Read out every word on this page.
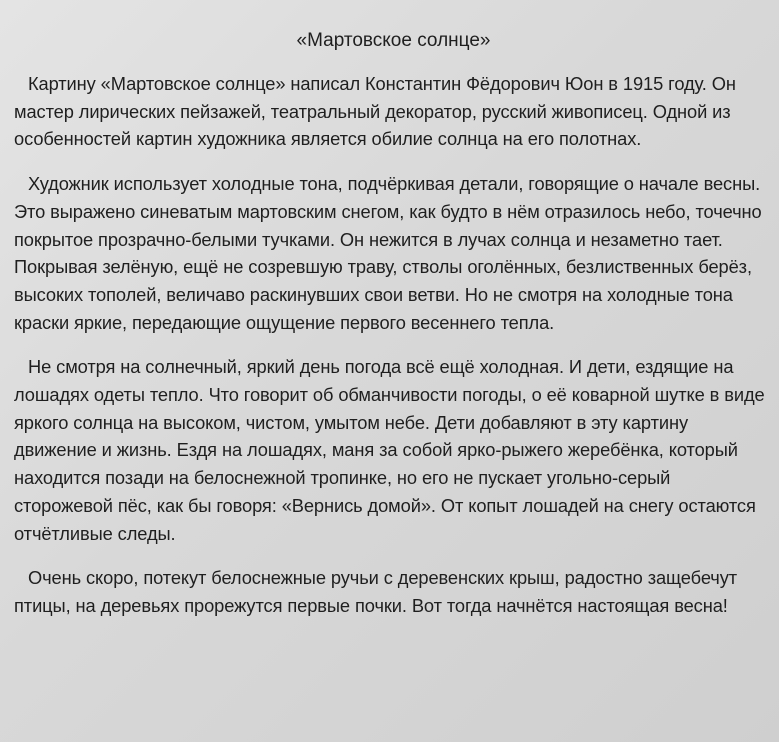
«Мартовское солнце»

Картину «Мартовское солнце» написал Константин Фёдорович Юон в 1915 году. Он мастер лирических пейзажей, театральный декоратор, русский живописец. Одной из особенностей картин художника является обилие солнца на его полотнах.

Художник использует холодные тона, подчёркивая детали, говорящие о начале весны. Это выражено синеватым мартовским снегом, как будто в нём отразилось небо, точечно покрытое прозрачно-белыми тучками. Он нежится в лучах солнца и незаметно тает. Покрывая зелёную, ещё не созревшую траву, стволы оголённых, безлиственных берёз, высоких тополей, величаво раскинувших свои ветви. Но не смотря на холодные тона краски яркие, передающие ощущение первого весеннего тепла.

Не смотря на солнечный, яркий день погода всё ещё холодная. И дети, ездящие на лошадях одеты тепло. Что говорит об обманчивости погоды, о её коварной шутке в виде яркого солнца на высоком, чистом, умытом небе. Дети добавляют в эту картину движение и жизнь. Ездя на лошадях, маня за собой ярко-рыжего жеребёнка, который находится позади на белоснежной тропинке, но его не пускает угольно-серый сторожевой пёс, как бы говоря: «Вернись домой». От копыт лошадей на снегу остаются отчётливые следы.

Очень скоро, потекут белоснежные ручьи с деревенских крыш, радостно защебечут птицы, на деревьях прорежутся первые почки. Вот тогда начнётся настоящая весна!
